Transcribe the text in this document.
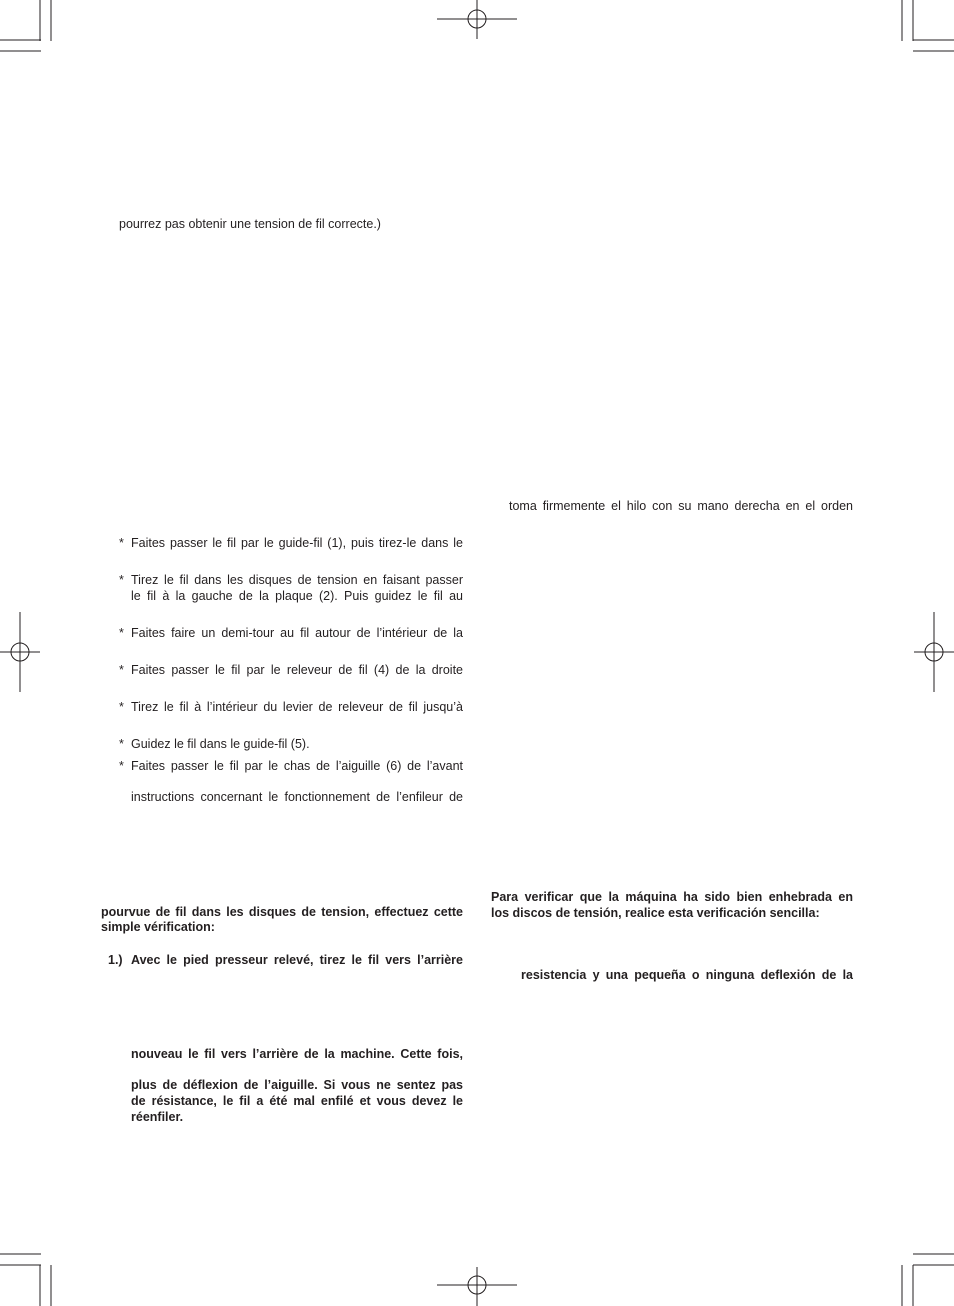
pourrez pas obtenir une tension de fil correcte.)
* Faites passer le fil par le guide-fil (1), puis tirez-le dans le
* Tirez le fil dans les disques de tension en faisant passer
le fil à la gauche de la plaque (2). Puis guidez le fil au
* Faites faire un demi-tour au fil autour de l’intérieur de la
* Faites passer le fil par le releveur de fil (4) de la droite
* Tirez le fil à l’intérieur du levier de releveur de fil jusqu’à
* Guidez le fil dans le guide-fil (5).
* Faites passer le fil par le chas de l’aiguille (6) de l’avant
instructions concernant le fonctionnement de l’enfileur de
pourvue de fil dans les disques de tension, effectuez cette
simple vérification:
1.) Avec le pied presseur relevé, tirez le fil vers l’arrière
nouveau le fil vers l’arrière de la machine. Cette fois,
plus de déflexion de l’aiguille. Si vous ne sentez pas
de résistance, le fil a été mal enfilé et vous devez le
réenfiler.
toma firmemente el hilo con su mano derecha en el orden
Para verificar que la máquina ha sido bien enhebrada en
los discos de tensión, realice esta verificación sencilla:
resistencia y una pequeña o ninguna deflexión de la
